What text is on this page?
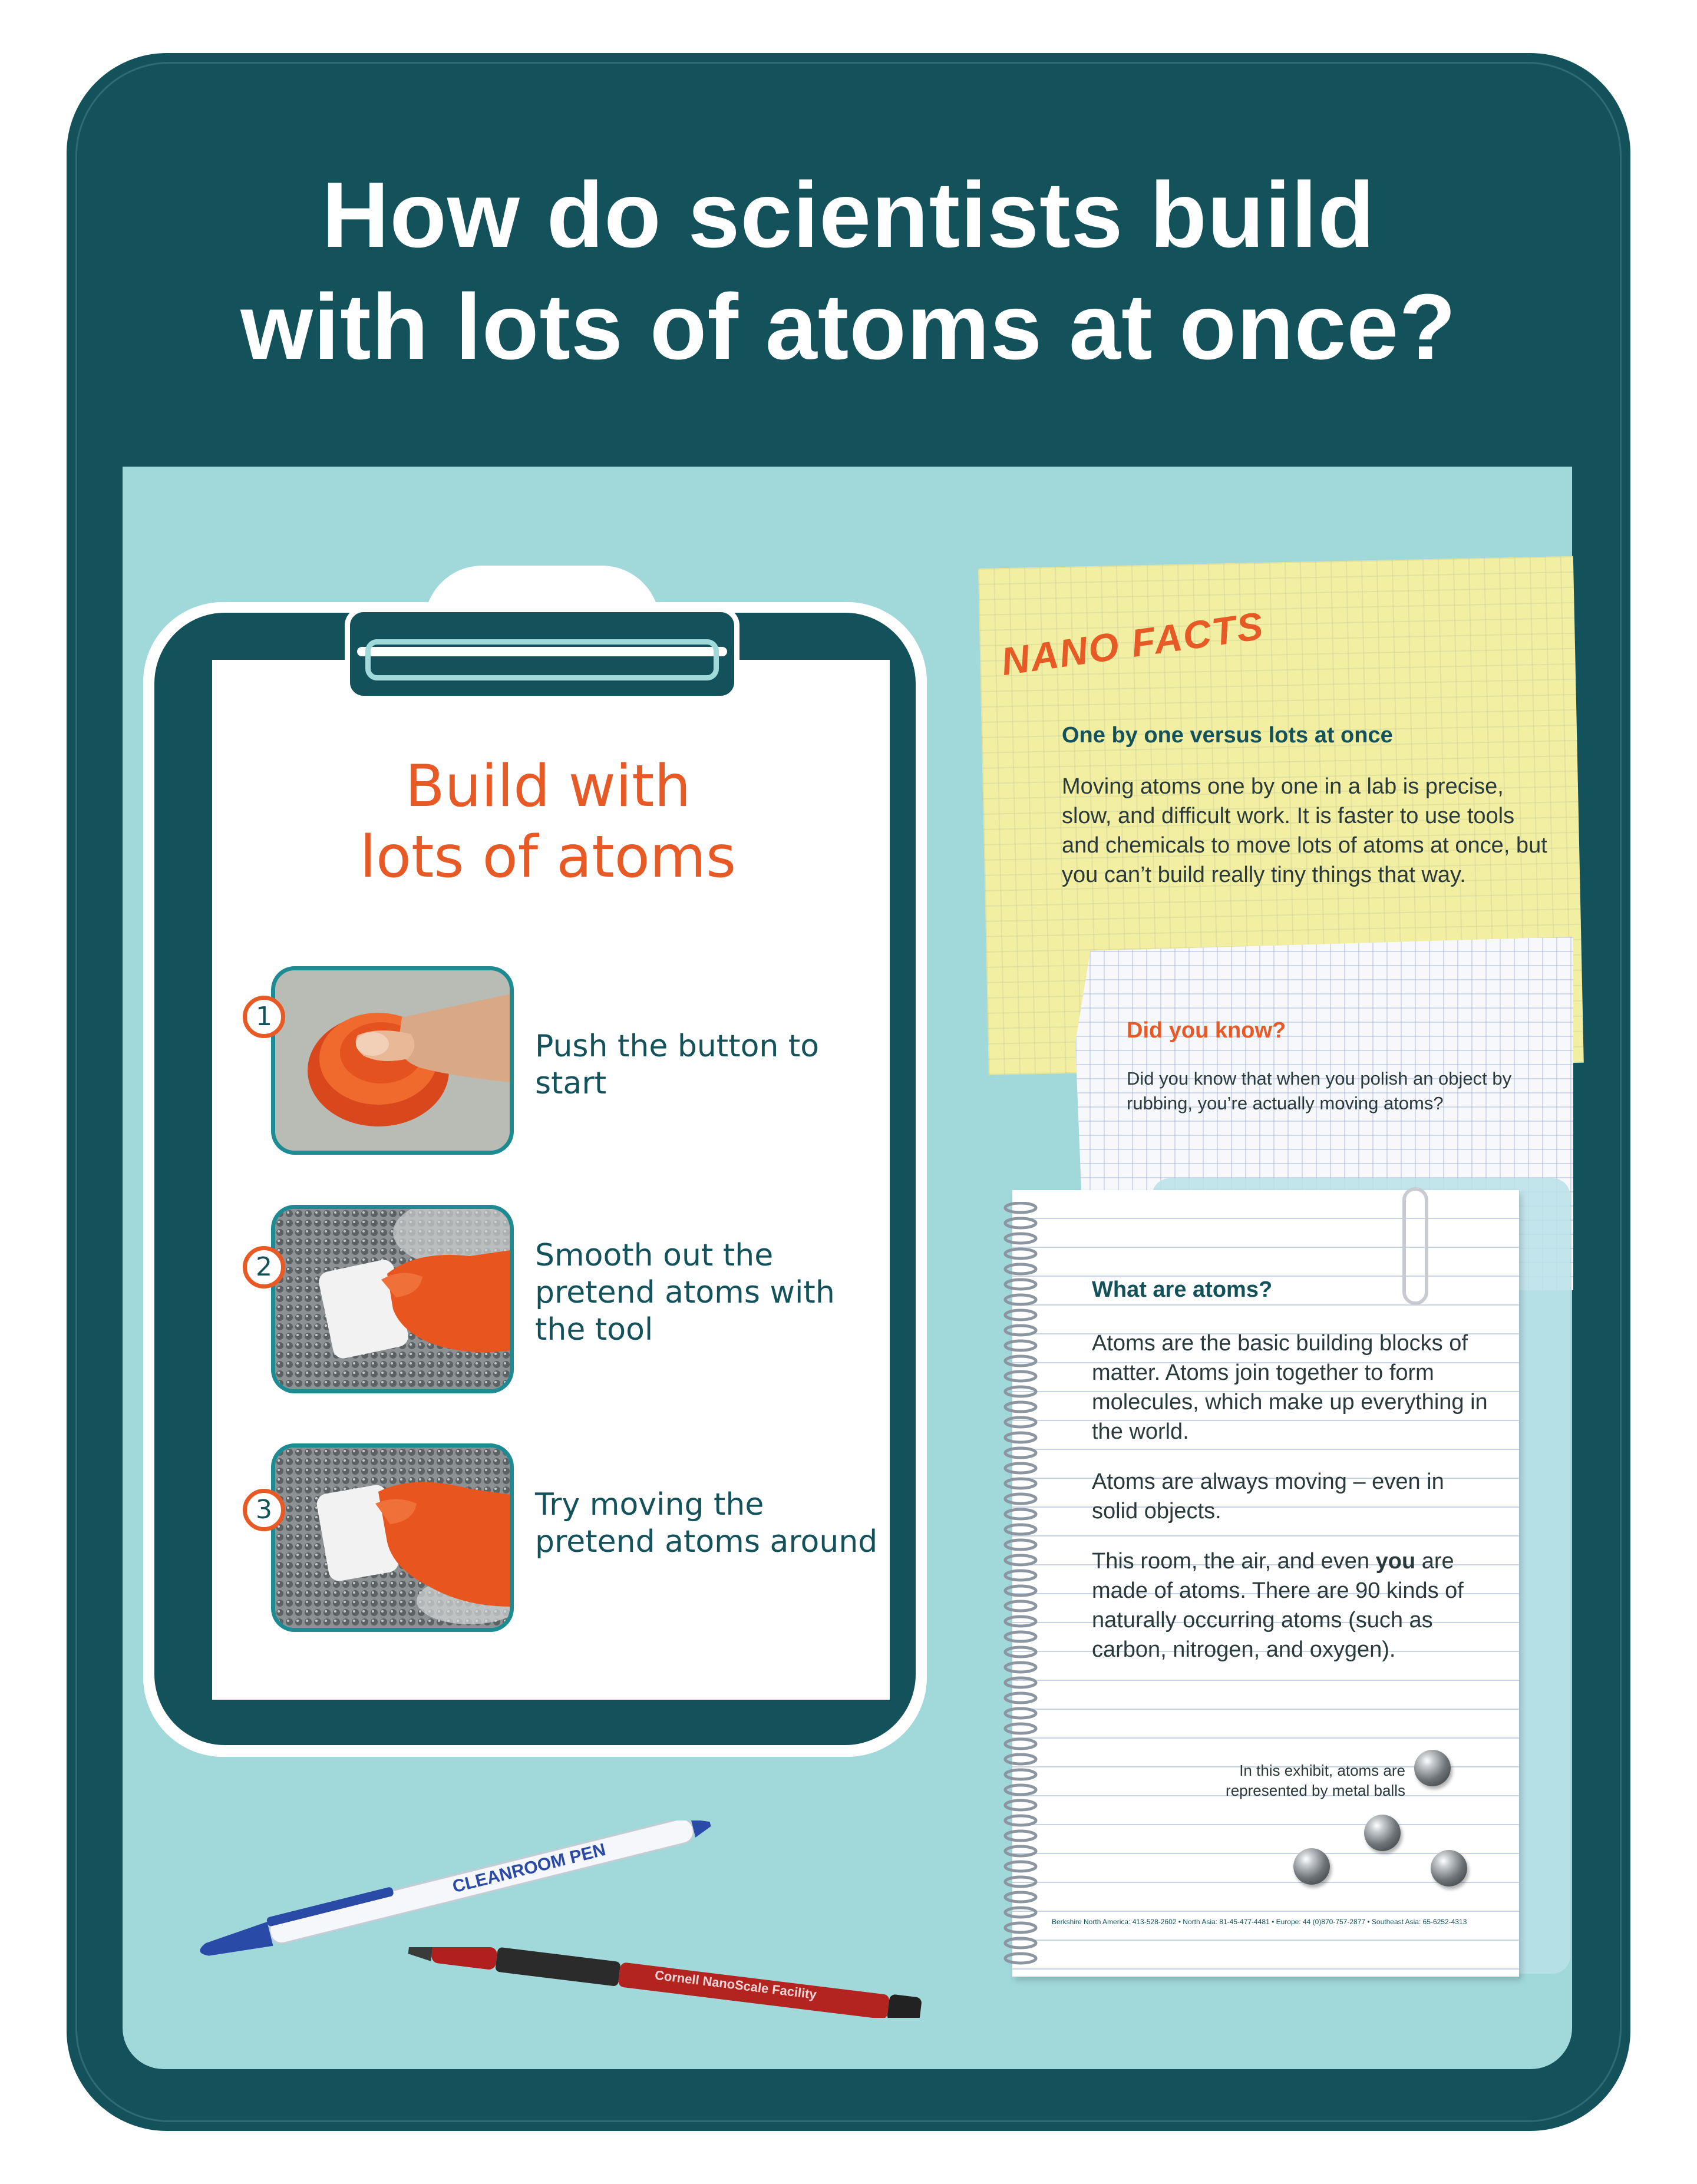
How do scientists build
with lots of atoms at once?
Build with
lots of atoms
1

Push the button to start

2	Smooth out the pretend atoms with the tool

3	Try moving the pretend atoms around

NANO FACTS

One by one versus lots at once

Moving atoms one by one in a lab is precise, slow, and difficult work. It is faster to use tools and chemicals to move lots of atoms at once, but you can’t build really tiny things that way.

Did you know?

Did you know that when you polish an object by rubbing, you’re actually moving atoms?

What are atoms?

Atoms are the basic building blocks of matter. Atoms join together to form molecules, which make up everything in the world.

Atoms are always moving – even in solid objects.

This room, the air, and even you are made of atoms. There are 90 kinds of naturally occurring atoms (such as carbon, nitrogen, and oxygen).

In this exhibit, atoms are represented by metal balls

Berkshire North America: 413-528-2602 • North Asia: 81-45-477-4481 • Europe: 44 (0)870-757-2877 • Southeast Asia: 65-6252-4313

CLEANROOM PEN
Cornell NanoScale Facility
